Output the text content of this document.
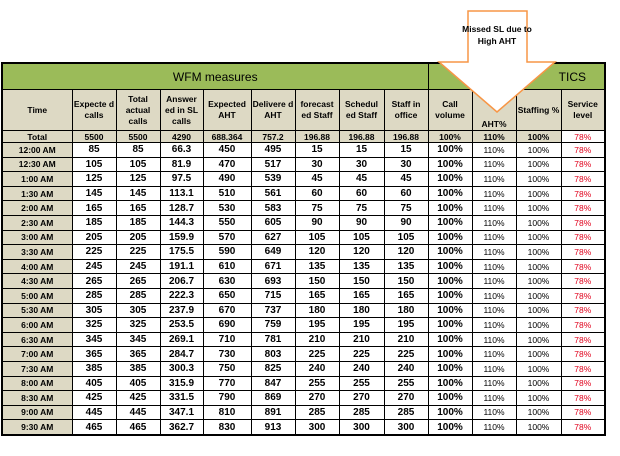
WFM measures									TICS			
Time	Expecte d calls	Total actual calls	Answer ed in SL calls	Expected AHT	Delivere d AHT	forecast ed Staff	Schedul ed Staff	Staff in office	Call volume	AHT%	Staffing %	Service level
Total	5500	5500	4290	688.364	757.2	196.88	196.88	196.88	100%	110%	100%	78%
12:00 AM	85	85	66.3	450	495	15	15	15	100%	110%	100%	78%
12:30 AM	105	105	81.9	470	517	30	30	30	100%	110%	100%	78%
1:00 AM	125	125	97.5	490	539	45	45	45	100%	110%	100%	78%
1:30 AM	145	145	113.1	510	561	60	60	60	100%	110%	100%	78%
2:00 AM	165	165	128.7	530	583	75	75	75	100%	110%	100%	78%
2:30 AM	185	185	144.3	550	605	90	90	90	100%	110%	100%	78%
3:00 AM	205	205	159.9	570	627	105	105	105	100%	110%	100%	78%
3:30 AM	225	225	175.5	590	649	120	120	120	100%	110%	100%	78%
4:00 AM	245	245	191.1	610	671	135	135	135	100%	110%	100%	78%
4:30 AM	265	265	206.7	630	693	150	150	150	100%	110%	100%	78%
5:00 AM	285	285	222.3	650	715	165	165	165	100%	110%	100%	78%
5:30 AM	305	305	237.9	670	737	180	180	180	100%	110%	100%	78%
6:00 AM	325	325	253.5	690	759	195	195	195	100%	110%	100%	78%
6:30 AM	345	345	269.1	710	781	210	210	210	100%	110%	100%	78%
7:00 AM	365	365	284.7	730	803	225	225	225	100%	110%	100%	78%
7:30 AM	385	385	300.3	750	825	240	240	240	100%	110%	100%	78%
8:00 AM	405	405	315.9	770	847	255	255	255	100%	110%	100%	78%
8:30 AM	425	425	331.5	790	869	270	270	270	100%	110%	100%	78%
9:00 AM	445	445	347.1	810	891	285	285	285	100%	110%	100%	78%
9:30 AM	465	465	362.7	830	913	300	300	300	100%	110%	100%	78%
Missed SL due to High AHT
